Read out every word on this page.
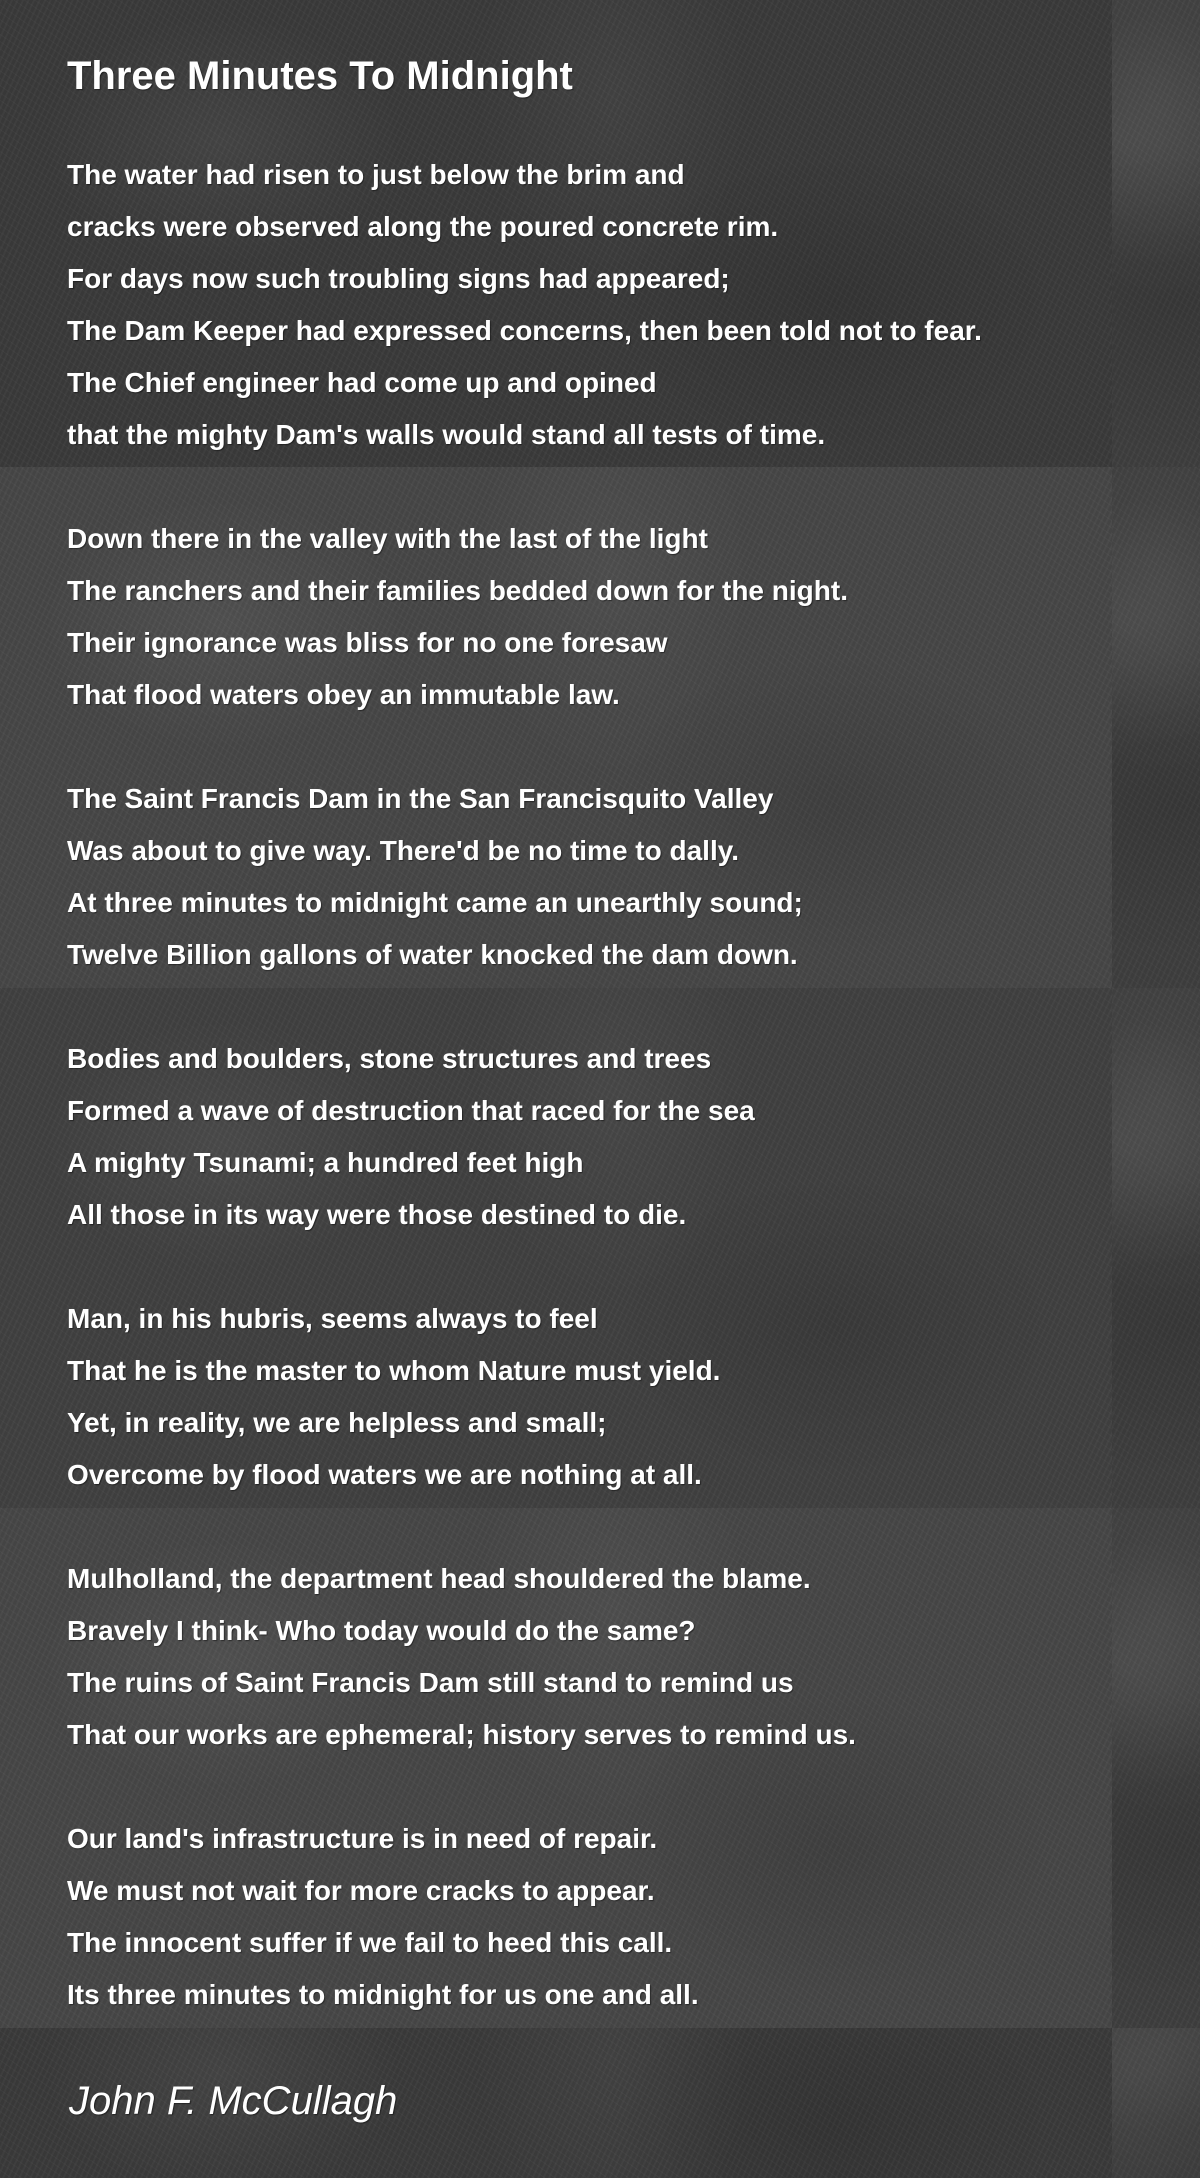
Three Minutes To Midnight
The water had risen to just below the brim and
cracks were observed along the poured concrete rim.
For days now such troubling signs had appeared;
The Dam Keeper had expressed concerns, then been told not to fear.
The Chief engineer had come up and opined
that the mighty Dam's walls would stand all tests of time.
Down there in the valley with the last of the light
The ranchers and their families bedded down for the night.
Their ignorance was bliss for no one foresaw
That flood waters obey an immutable law.
The Saint Francis Dam in the San Francisquito Valley
Was about to give way. There'd be no time to dally.
At three minutes to midnight came an unearthly sound;
Twelve Billion gallons of water knocked the dam down.
Bodies and boulders, stone structures and trees
Formed a wave of destruction that raced for the sea
A mighty Tsunami; a hundred feet high
All those in its way were those destined to die.
Man, in his hubris, seems always to feel
That he is the master to whom Nature must yield.
Yet, in reality, we are helpless and small;
Overcome by flood waters we are nothing at all.
Mulholland, the department head shouldered the blame.
Bravely I think- Who today would do the same?
The ruins of Saint Francis Dam still stand to remind us
That our works are ephemeral; history serves to remind us.
Our land's infrastructure is in need of repair.
We must not wait for more cracks to appear.
The innocent suffer if we fail to heed this call.
Its three minutes to midnight for us one and all.
John F. McCullagh
